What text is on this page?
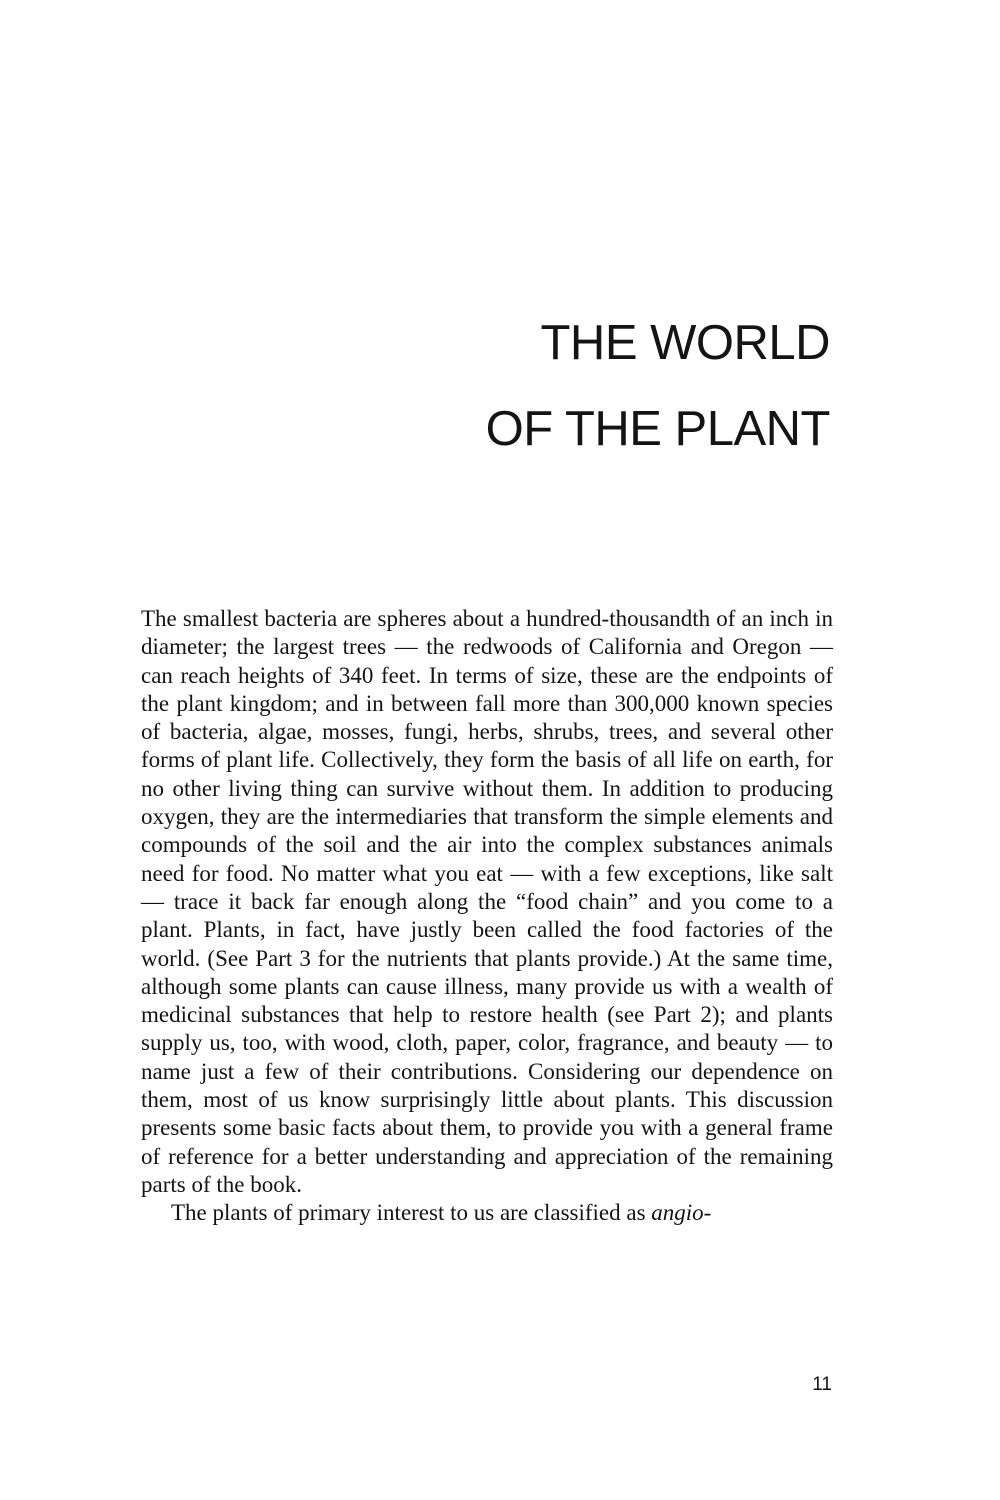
THE WORLD
OF THE PLANT

The smallest bacteria are spheres about a hundred-thousandth of an inch in diameter; the largest trees — the redwoods of California and Oregon — can reach heights of 340 feet. In terms of size, these are the endpoints of the plant kingdom; and in between fall more than 300,000 known species of bacteria, algae, mosses, fungi, herbs, shrubs, trees, and several other forms of plant life. Collectively, they form the basis of all life on earth, for no other living thing can survive without them. In addition to producing oxygen, they are the intermediaries that transform the simple elements and compounds of the soil and the air into the complex substances animals need for food. No matter what you eat — with a few exceptions, like salt — trace it back far enough along the “food chain” and you come to a plant. Plants, in fact, have justly been called the food factories of the world. (See Part 3 for the nutrients that plants provide.) At the same time, although some plants can cause illness, many provide us with a wealth of medicinal substances that help to restore health (see Part 2); and plants supply us, too, with wood, cloth, paper, color, fragrance, and beauty — to name just a few of their contributions. Considering our dependence on them, most of us know surprisingly little about plants. This discussion presents some basic facts about them, to provide you with a general frame of reference for a better understanding and appreciation of the remaining parts of the book.

The plants of primary interest to us are classified as angio-

11
